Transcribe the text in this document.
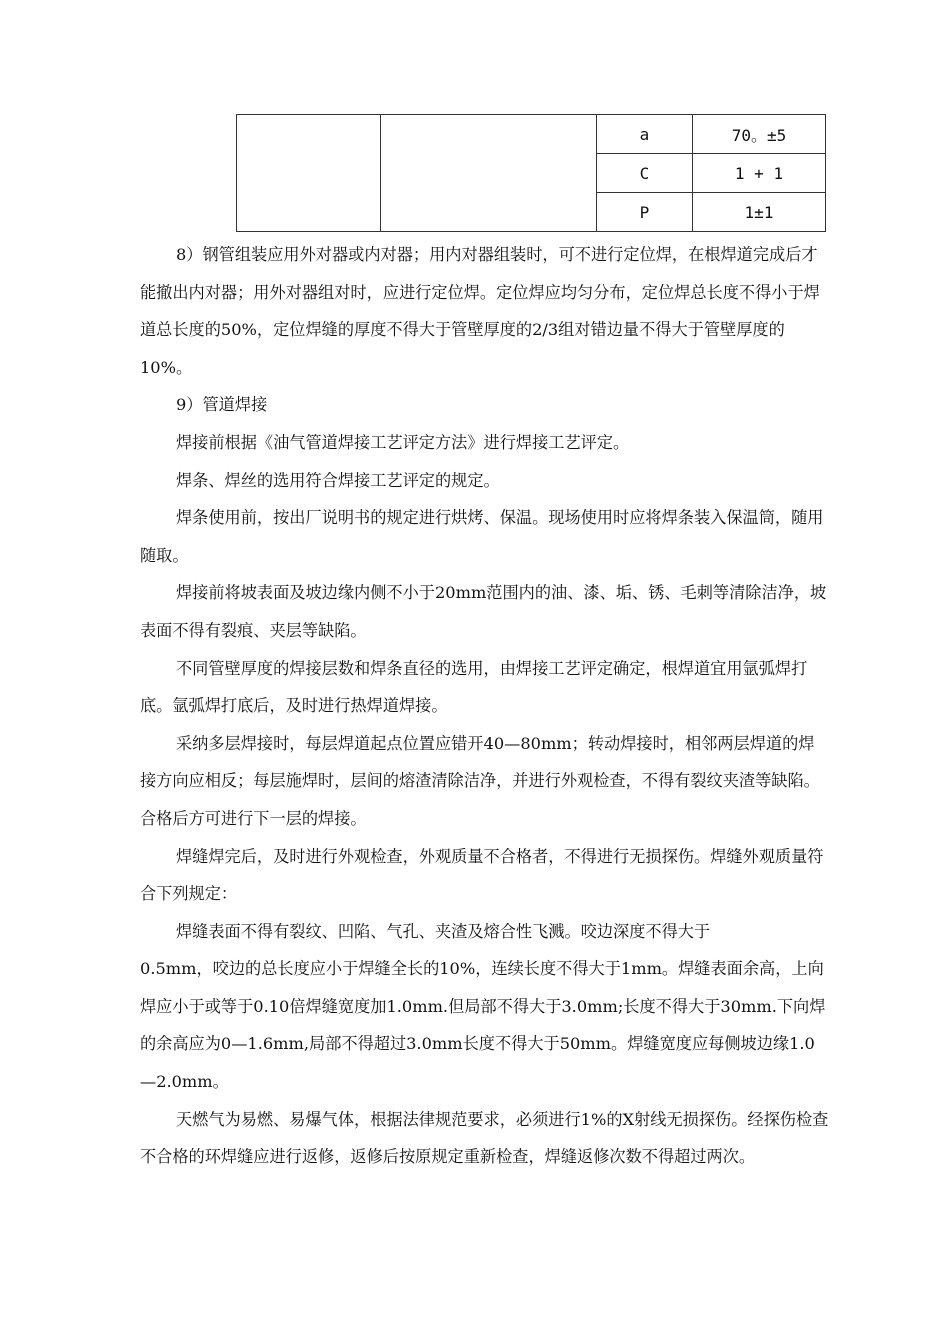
		a	70。±5
		C	1 + 1
		P	1±1

8）钢管组装应用外对器或内对器；用内对器组装时，可不进行定位焊，在根焊道完成后才能撤出内对器；用外对器组对时，应进行定位焊。定位焊应均匀分布，定位焊总长度不得小于焊道总长度的50%，定位焊缝的厚度不得大于管壁厚度的2/3组对错边量不得大于管壁厚度的10%。

9）管道焊接

焊接前根据《油气管道焊接工艺评定方法》进行焊接工艺评定。

焊条、焊丝的选用符合焊接工艺评定的规定。

焊条使用前，按出厂说明书的规定进行烘烤、保温。现场使用时应将焊条装入保温筒，随用随取。

焊接前将坡表面及坡边缘内侧不小于20mm范围内的油、漆、垢、锈、毛刺等清除洁净，坡表面不得有裂痕、夹层等缺陷。

不同管壁厚度的焊接层数和焊条直径的选用，由焊接工艺评定确定，根焊道宜用氩弧焊打底。氩弧焊打底后，及时进行热焊道焊接。

采纳多层焊接时，每层焊道起点位置应错开40—80mm；转动焊接时，相邻两层焊道的焊接方向应相反；每层施焊时，层间的熔渣清除洁净，并进行外观检查，不得有裂纹夹渣等缺陷。合格后方可进行下一层的焊接。

焊缝焊完后，及时进行外观检查，外观质量不合格者，不得进行无损探伤。焊缝外观质量符合下列规定：

焊缝表面不得有裂纹、凹陷、气孔、夹渣及熔合性飞溅。咬边深度不得大于

0.5mm，咬边的总长度应小于焊缝全长的10%，连续长度不得大于1mm。焊缝表面余高，上向焊应小于或等于0.10倍焊缝宽度加1.0mm.但局部不得大于3.0mm;长度不得大于30mm.下向焊的余高应为0—1.6mm,局部不得超过3.0mm长度不得大于50mm。焊缝宽度应每侧坡边缘1.0—2.0mm。

天燃气为易燃、易爆气体，根据法律规范要求，必须进行1%的X射线无损探伤。经探伤检查不合格的环焊缝应进行返修，返修后按原规定重新检查，焊缝返修次数不得超过两次。
